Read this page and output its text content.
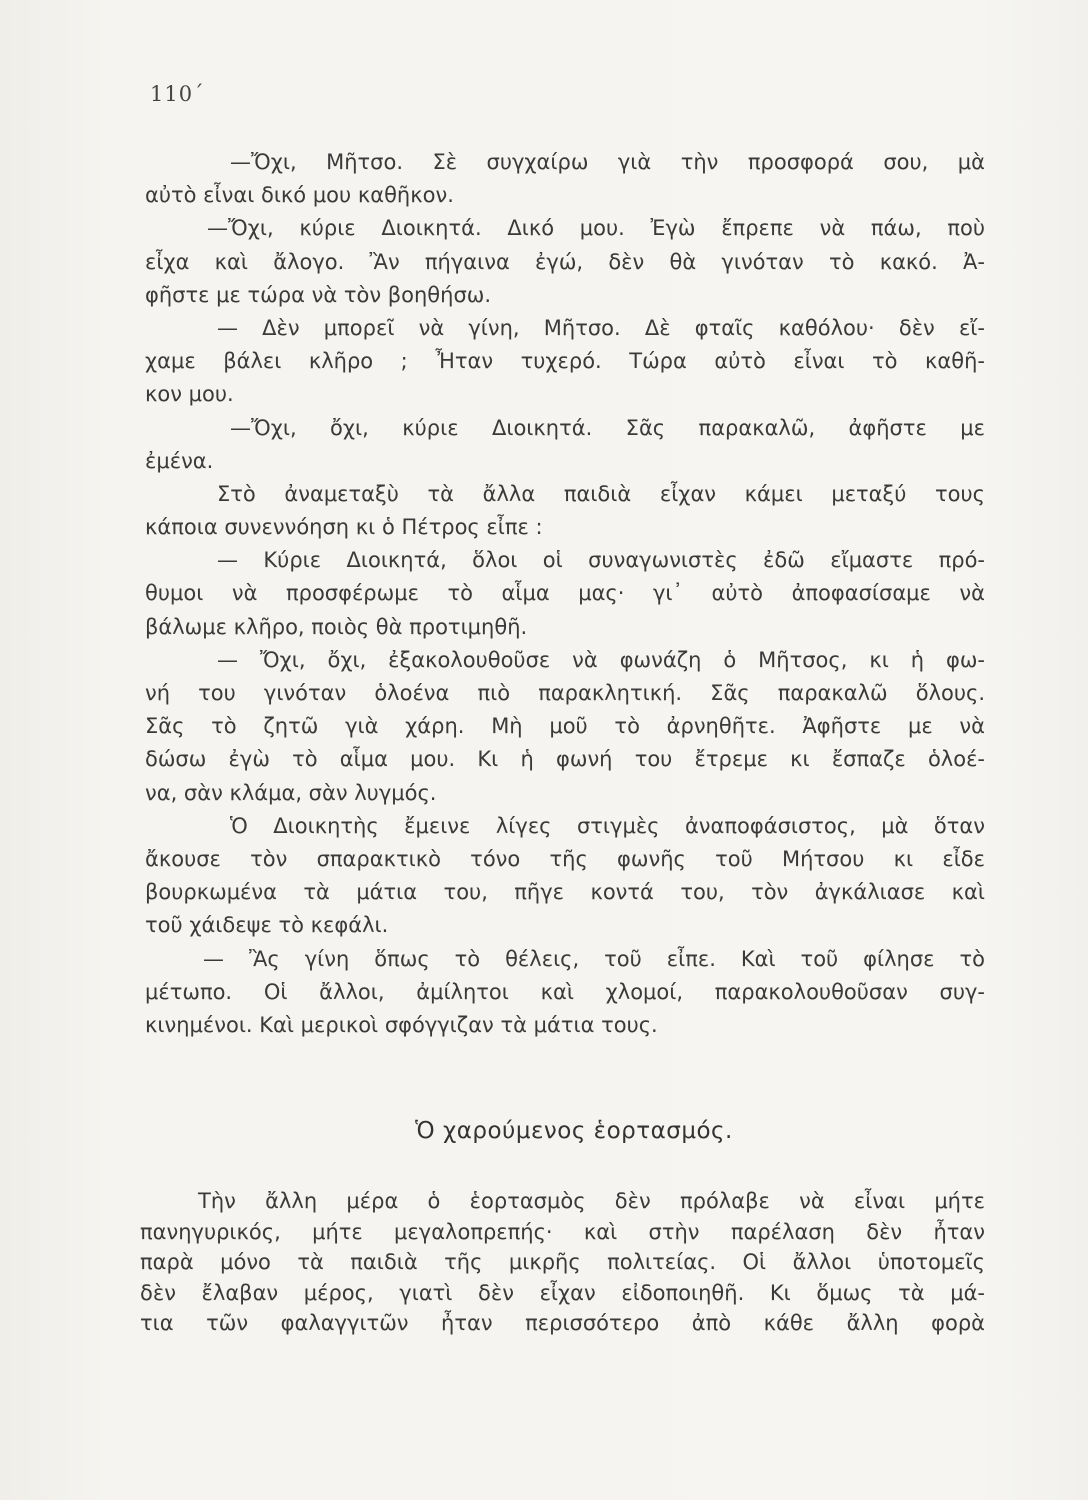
110΄
—Ὄχι, Μῆτσο. Σὲ συγχαίρω γιὰ τὴν προσφορά σου, μὰ
αὐτὸ εἶναι δικό μου καθῆκον.
—Ὄχι, κύριε Διοικητά. Δικό μου. Ἐγὼ ἔπρεπε νὰ πάω, ποὺ
εἶχα καὶ ἄλογο. Ἂν πήγαινα ἐγώ, δὲν θὰ γινόταν τὸ κακό. Ἀ-
φῆστε με τώρα νὰ τὸν βοηθήσω.
— Δὲν μπορεῖ νὰ γίνη, Μῆτσο. Δὲ φταῖς καθόλου· δὲν εἴ-
χαμε βάλει κλῆρο ; Ἦταν τυχερό. Τώρα αὐτὸ εἶναι τὸ καθῆ-
κον μου.
—Ὄχι, ὄχι, κύριε Διοικητά. Σᾶς παρακαλῶ, ἀφῆστε με
ἐμένα.
Στὸ ἀναμεταξὺ τὰ ἄλλα παιδιὰ εἶχαν κάμει μεταξύ τους
κάποια συνεννόηση κι ὁ Πέτρος εἶπε :
— Κύριε Διοικητά, ὅλοι οἱ συναγωνιστὲς ἐδῶ εἴμαστε πρό-
θυμοι νὰ προσφέρωμε τὸ αἷμα μας· γι᾿ αὐτὸ ἀποφασίσαμε νὰ
βάλωμε κλῆρο, ποιὸς θὰ προτιμηθῆ.
— Ὄχι, ὄχι, ἐξακολουθοῦσε νὰ φωνάζη ὁ Μῆτσος, κι ἡ φω-
νή του γινόταν ὁλοένα πιὸ παρακλητική. Σᾶς παρακαλῶ ὅλους.
Σᾶς τὸ ζητῶ γιὰ χάρη. Μὴ μοῦ τὸ ἀρνηθῆτε. Ἀφῆστε με νὰ
δώσω ἐγὼ τὸ αἷμα μου. Κι ἡ φωνή του ἔτρεμε κι ἔσπαζε ὁλοέ-
να, σὰν κλάμα, σὰν λυγμός.
Ὁ Διοικητὴς ἔμεινε λίγες στιγμὲς ἀναποφάσιστος, μὰ ὅταν
ἄκουσε τὸν σπαρακτικὸ τόνο τῆς φωνῆς τοῦ Μήτσου κι εἶδε
βουρκωμένα τὰ μάτια του, πῆγε κοντά του, τὸν ἀγκάλιασε καὶ
τοῦ χάιδεψε τὸ κεφάλι.
— Ἂς γίνη ὅπως τὸ θέλεις, τοῦ εἶπε. Καὶ τοῦ φίλησε τὸ
μέτωπο. Οἱ ἄλλοι, ἀμίλητοι καὶ χλομοί, παρακολουθοῦσαν συγ-
κινημένοι. Καὶ μερικοὶ σφόγγιζαν τὰ μάτια τους.
Ὁ χαρούμενος ἑορτασμός.
Τὴν ἄλλη μέρα ὁ ἑορτασμὸς δὲν πρόλαβε νὰ εἶναι μήτε
πανηγυρικός, μήτε μεγαλοπρεπής· καὶ στὴν παρέλαση δὲν ἦταν
παρὰ μόνο τὰ παιδιὰ τῆς μικρῆς πολιτείας. Οἱ ἄλλοι ὑποτομεῖς
δὲν ἔλαβαν μέρος, γιατὶ δὲν εἶχαν εἰδοποιηθῆ. Κι ὅμως τὰ μά-
τια τῶν φαλαγγιτῶν ἦταν περισσότερο ἀπὸ κάθε ἄλλη φορὰ
